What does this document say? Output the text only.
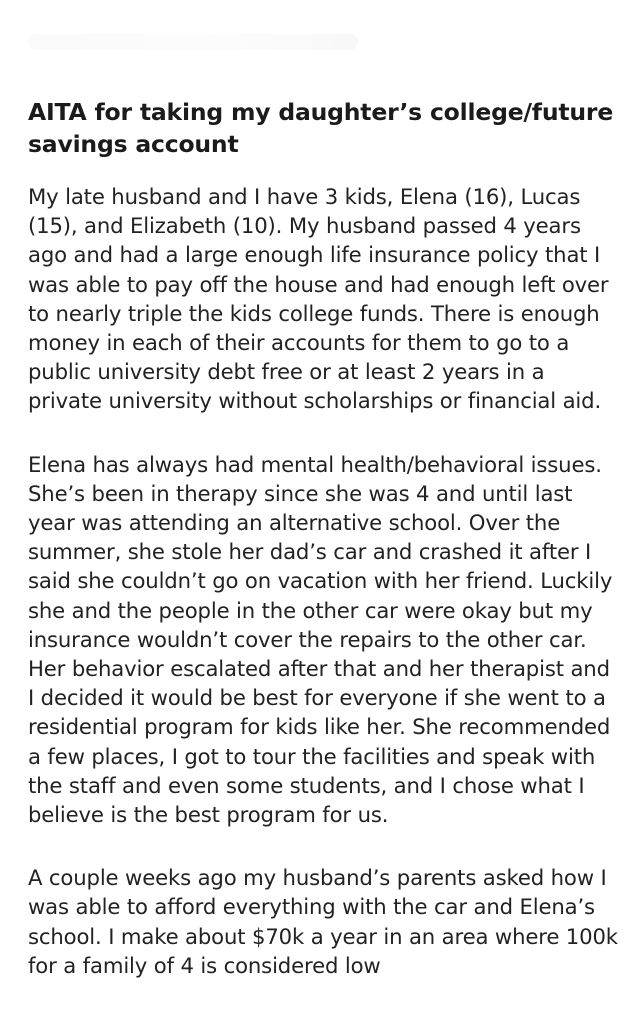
AITA for taking my daughter’s college/future savings account

My late husband and I have 3 kids, Elena (16), Lucas (15), and Elizabeth (10). My husband passed 4 years ago and had a large enough life insurance policy that I was able to pay off the house and had enough left over to nearly triple the kids college funds. There is enough money in each of their accounts for them to go to a public university debt free or at least 2 years in a private university without scholarships or financial aid.

Elena has always had mental health/behavioral issues. She’s been in therapy since she was 4 and until last year was attending an alternative school. Over the summer, she stole her dad’s car and crashed it after I said she couldn’t go on vacation with her friend. Luckily she and the people in the other car were okay but my insurance wouldn’t cover the repairs to the other car. Her behavior escalated after that and her therapist and I decided it would be best for everyone if she went to a residential program for kids like her. She recommended a few places, I got to tour the facilities and speak with the staff and even some students, and I chose what I believe is the best program for us.

A couple weeks ago my husband’s parents asked how I was able to afford everything with the car and Elena’s school. I make about $70k a year in an area where 100k for a family of 4 is considered low
